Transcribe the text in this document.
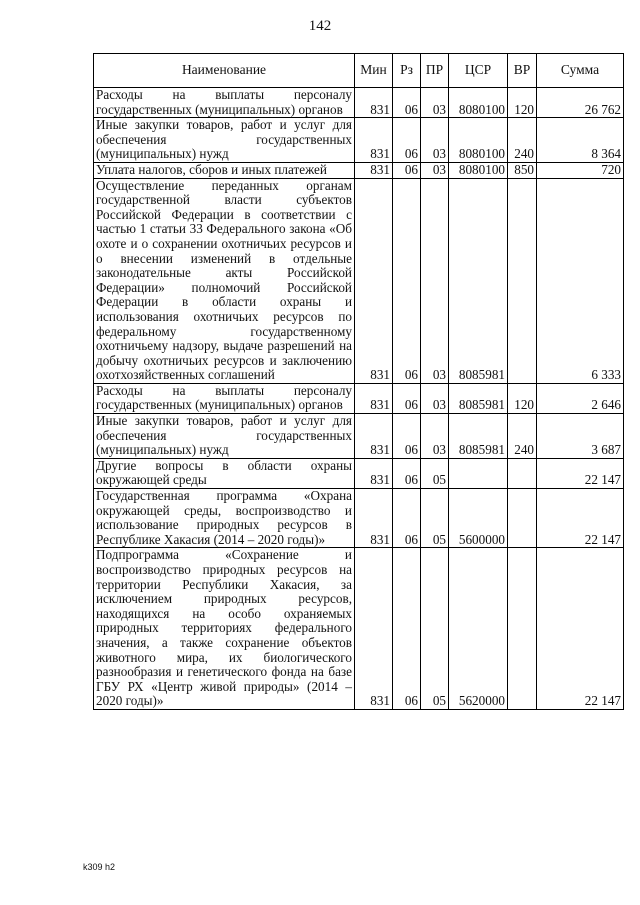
142
Наименование	Мин	Рз	ПР	ЦСР	ВР	Сумма
Расходы на выплаты персоналу государственных (муниципальных) органов	831	06	03	8080100	120	26 762
Иные закупки товаров, работ и услуг для обеспечения государственных (муниципальных) нужд	831	06	03	8080100	240	8 364
Уплата налогов, сборов и иных платежей	831	06	03	8080100	850	720
Осуществление переданных органам государственной власти субъектов Российской Федерации в соответствии с частью 1 статьи 33 Федерального закона «Об охоте и о сохранении охотничьих ресурсов и о внесении изменений в отдельные законодательные акты Российской Федерации» полномочий Российской Федерации в области охраны и использования охотничьих ресурсов по федеральному государственному охотничьему надзору, выдаче разрешений на добычу охотничьих ресурсов и заключению охотхозяйственных соглашений	831	06	03	8085981		6 333
Расходы на выплаты персоналу государственных (муниципальных) органов	831	06	03	8085981	120	2 646
Иные закупки товаров, работ и услуг для обеспечения государственных (муниципальных) нужд	831	06	03	8085981	240	3 687
Другие вопросы в области охраны окружающей среды	831	06	05			22 147
Государственная программа «Охрана окружающей среды, воспроизводство и использование природных ресурсов в Республике Хакасия (2014 – 2020 годы)»	831	06	05	5600000		22 147
Подпрограмма «Сохранение и воспроизводство природных ресурсов на территории Республики Хакасия, за исключением природных ресурсов, находящихся на особо охраняемых природных территориях федерального значения, а также сохранение объектов животного мира, их биологического разнообразия и генетического фонда на базе ГБУ РХ «Центр живой природы» (2014 – 2020 годы)»	831	06	05	5620000		22 147
k309 h2
